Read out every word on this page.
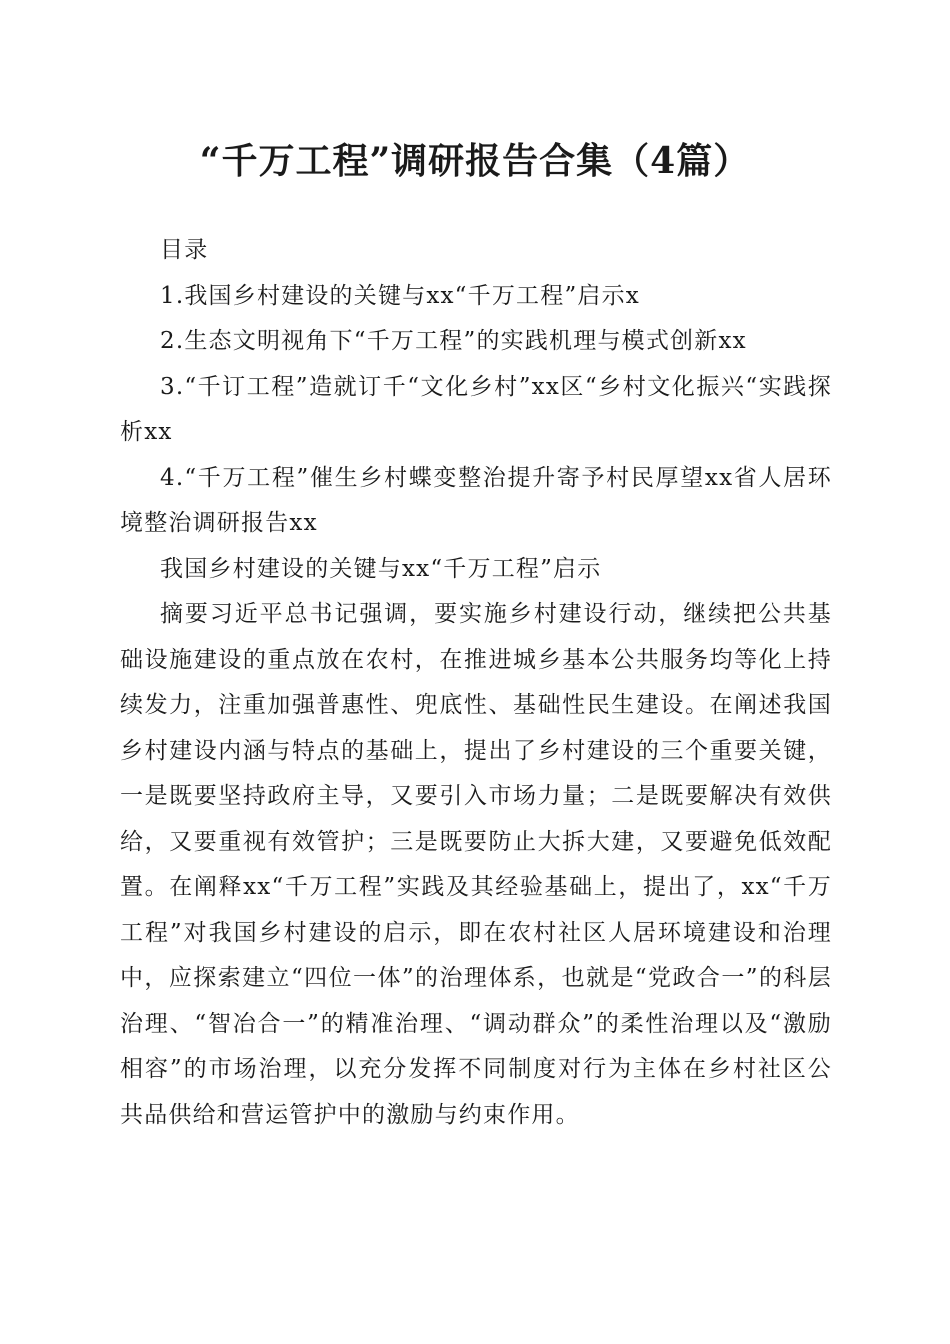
“千万工程”调研报告合集（4篇）

目录

1.我国乡村建设的关键与xx“千万工程”启示x

2.生态文明视角下“千万工程”的实践机理与模式创新xx

3.“千订工程”造就订千“文化乡村”xx区“乡村文化振兴“实践探析xx

4.“千万工程”催生乡村蝶变整治提升寄予村民厚望xx省人居环境整治调研报告xx

我国乡村建设的关键与xx“千万工程”启示

摘要习近平总书记强调，要实施乡村建设行动，继续把公共基础设施建设的重点放在农村，在推进城乡基本公共服务均等化上持续发力，注重加强普惠性、兜底性、基础性民生建设。在阐述我国乡村建设内涵与特点的基础上，提出了乡村建设的三个重要关键，一是既要坚持政府主导，又要引入市场力量；二是既要解决有效供给，又要重视有效管护；三是既要防止大拆大建，又要避免低效配置。在阐释xx“千万工程”实践及其经验基础上，提出了，xx“千万工程”对我国乡村建设的启示，即在农村社区人居环境建设和治理中，应探索建立“四位一体”的治理体系，也就是“党政合一”的科层治理、“智冶合一”的精准治理、“调动群众”的柔性治理以及“激励相容”的市场治理，以充分发挥不同制度对行为主体在乡村社区公共品供给和营运管护中的激励与约束作用。
